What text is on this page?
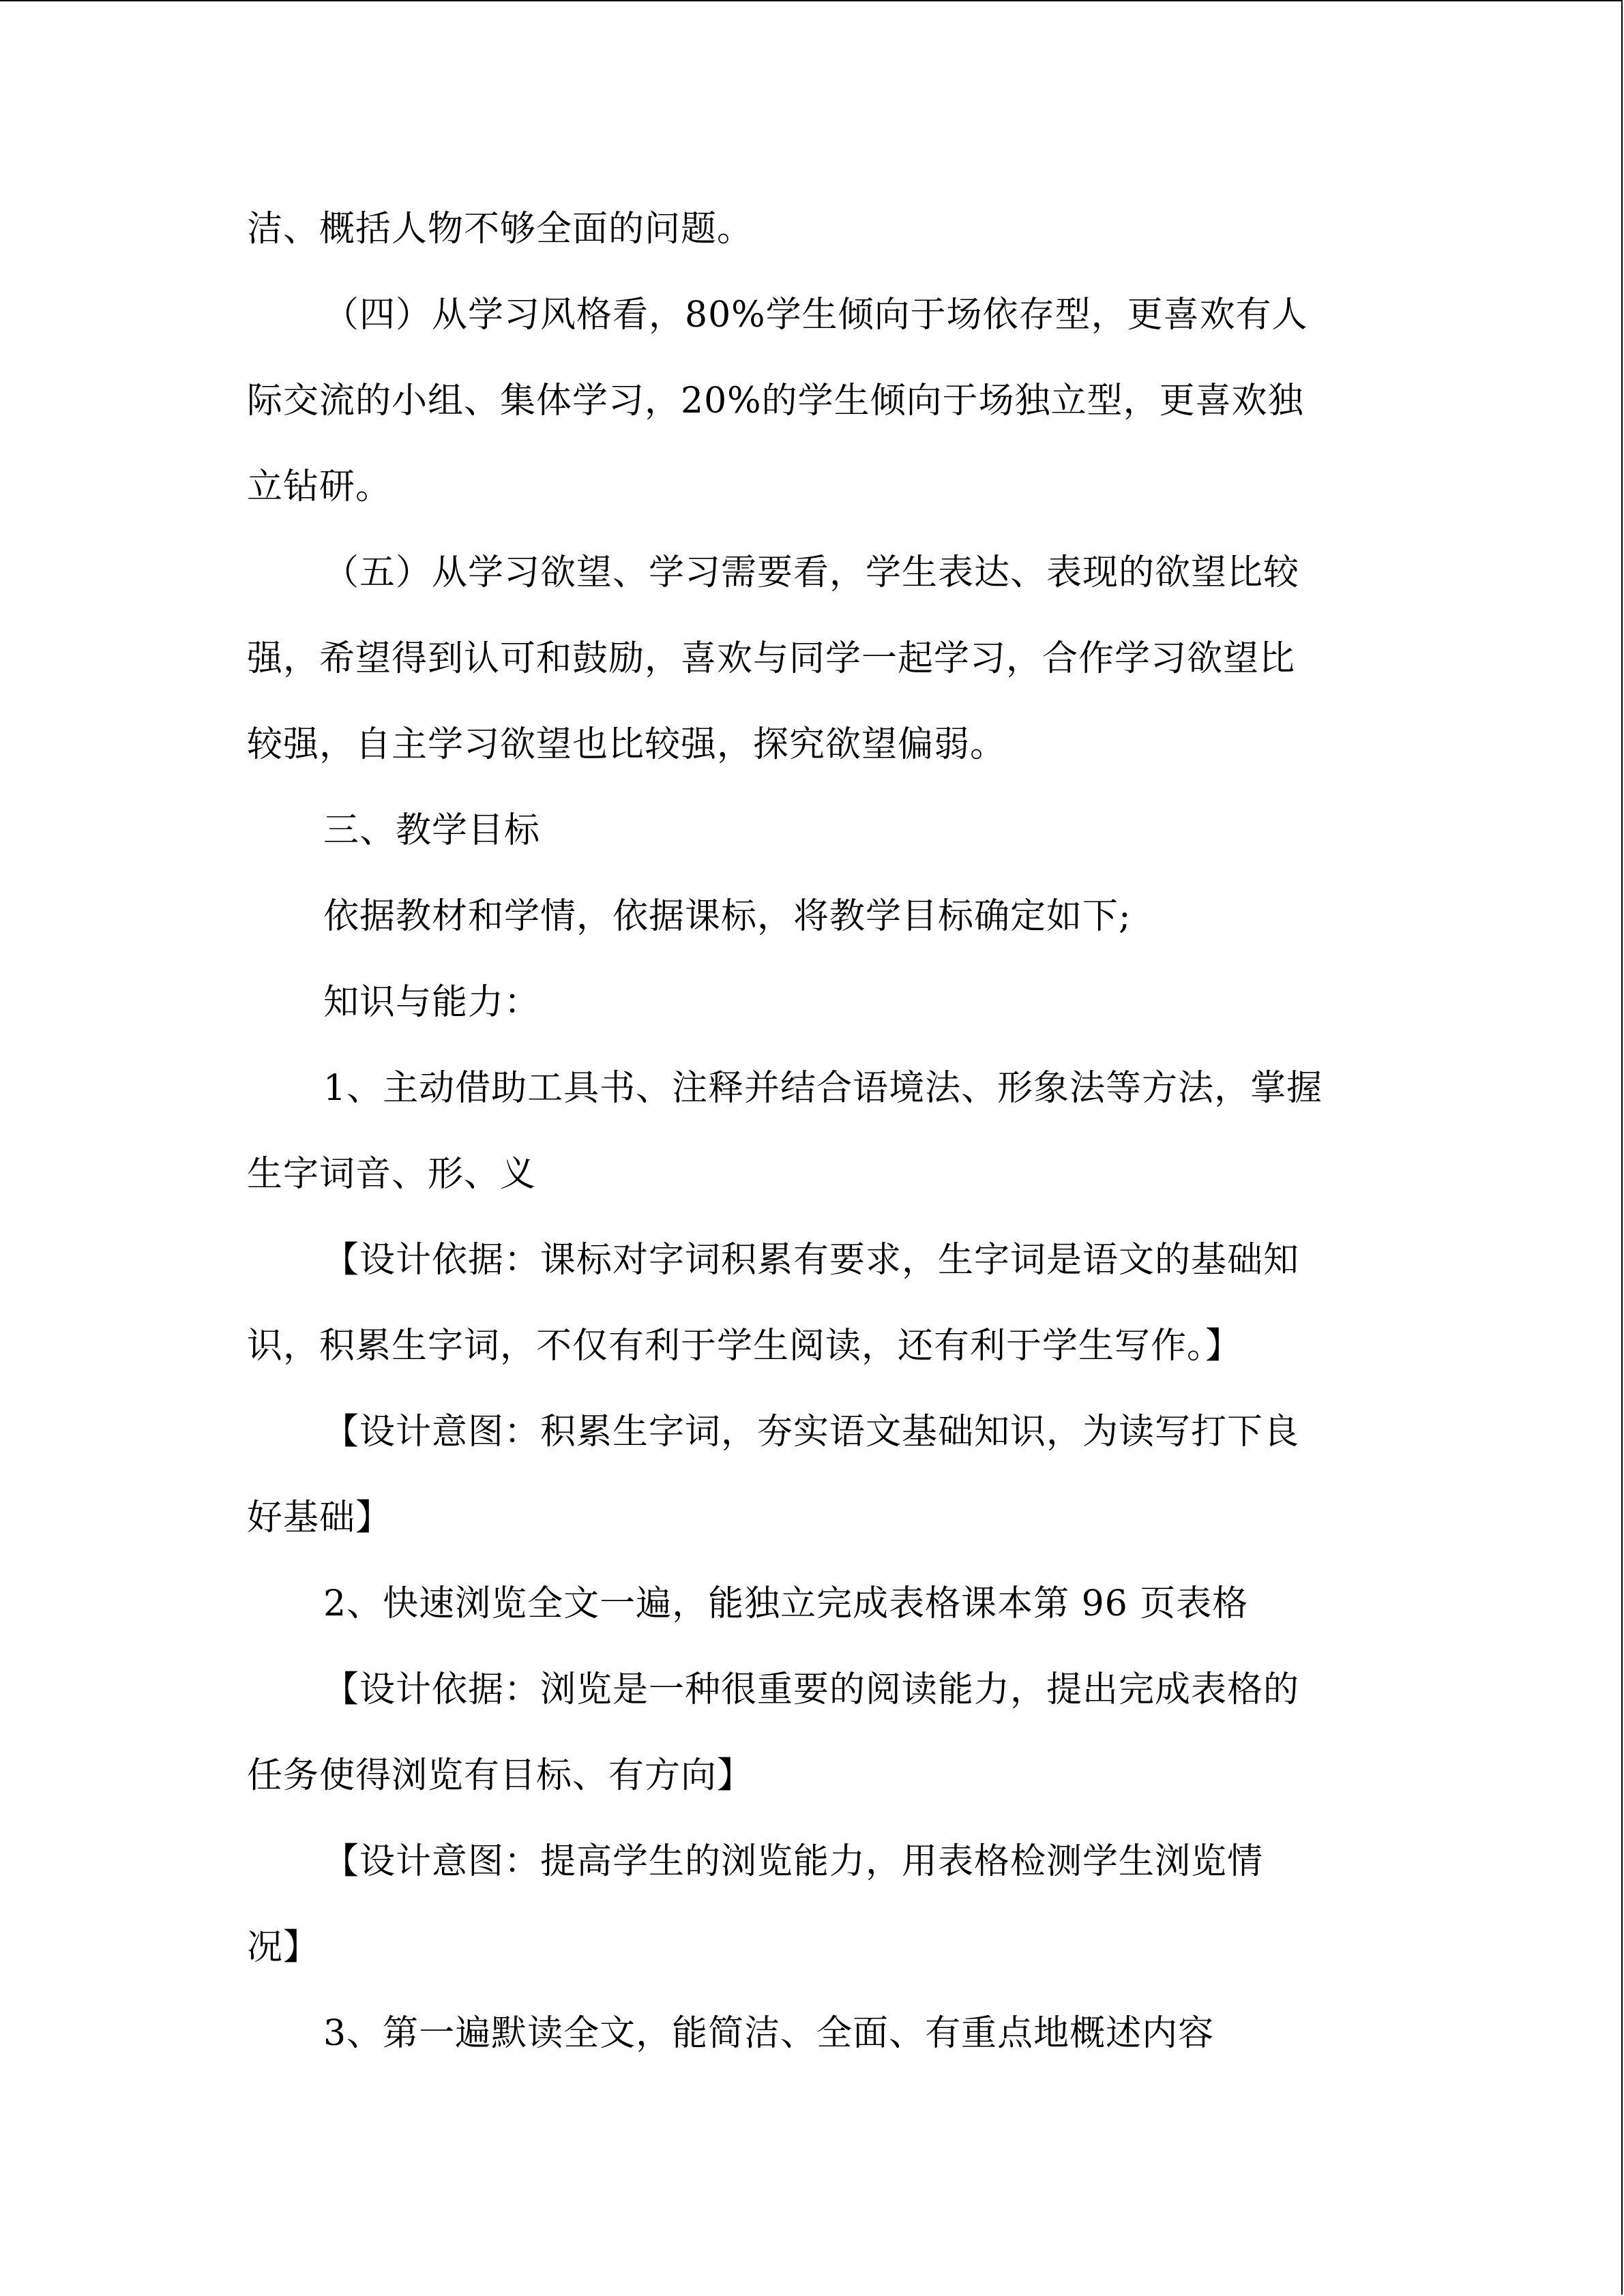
洁、概括人物不够全面的问题。
（四）从学习风格看，80%学生倾向于场依存型，更喜欢有人
际交流的小组、集体学习，20%的学生倾向于场独立型，更喜欢独
立钻研。
（五）从学习欲望、学习需要看，学生表达、表现的欲望比较
强，希望得到认可和鼓励，喜欢与同学一起学习，合作学习欲望比
较强，自主学习欲望也比较强，探究欲望偏弱。
三、教学目标
依据教材和学情，依据课标，将教学目标确定如下;
知识与能力：
1、主动借助工具书、注释并结合语境法、形象法等方法，掌握
生字词音、形、义
【设计依据：课标对字词积累有要求，生字词是语文的基础知
识，积累生字词，不仅有利于学生阅读，还有利于学生写作。】
【设计意图：积累生字词，夯实语文基础知识，为读写打下良
好基础】
2、快速浏览全文一遍，能独立完成表格课本第 96 页表格
【设计依据：浏览是一种很重要的阅读能力，提出完成表格的
任务使得浏览有目标、有方向】
【设计意图：提高学生的浏览能力，用表格检测学生浏览情
况】
3、第一遍默读全文，能简洁、全面、有重点地概述内容
